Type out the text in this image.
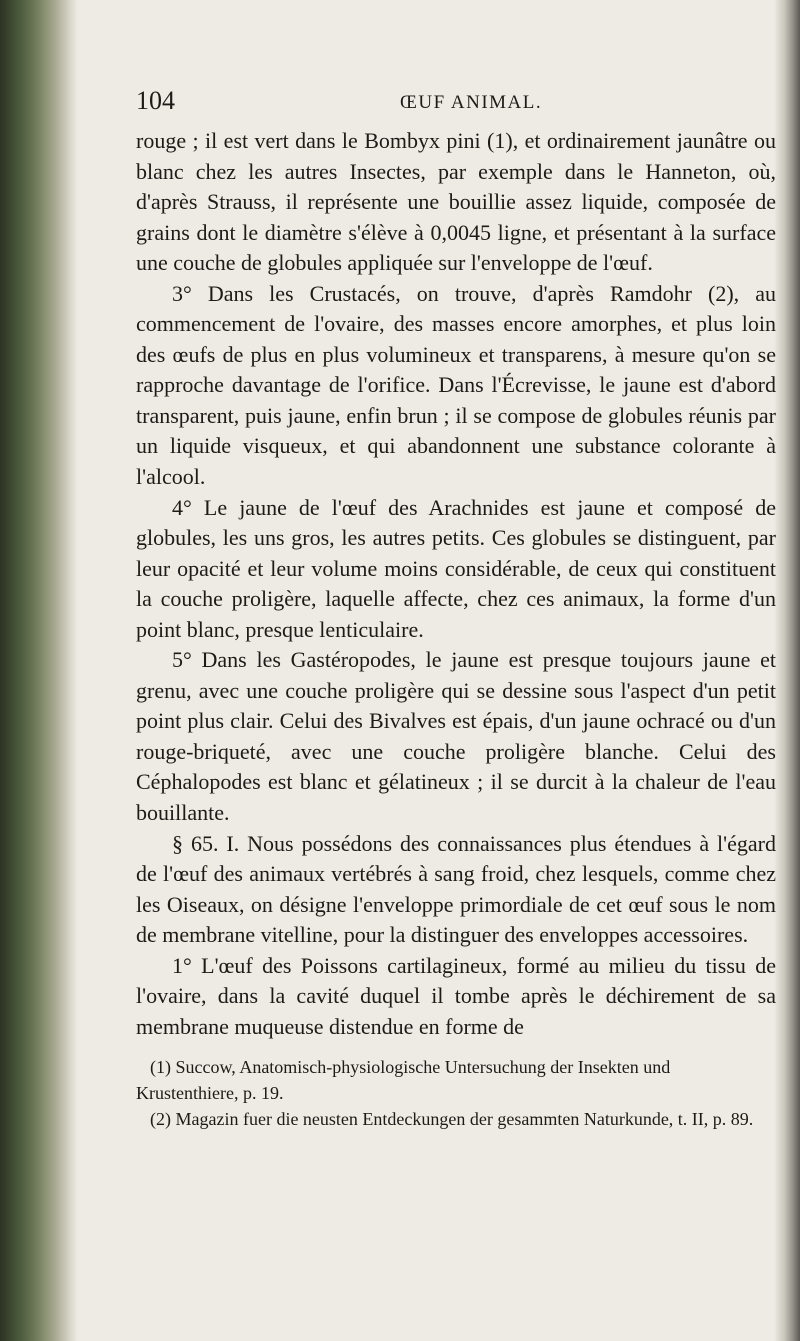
104	ŒUF ANIMAL.

rouge ; il est vert dans le Bombyx pini (1), et ordinairement jaunâtre ou blanc chez les autres Insectes, par exemple dans le Hanneton, où, d'après Strauss, il représente une bouillie assez liquide, composée de grains dont le diamètre s'élève à 0,0045 ligne, et présentant à la surface une couche de globules appliquée sur l'enveloppe de l'œuf.

3° Dans les Crustacés, on trouve, d'après Ramdohr (2), au commencement de l'ovaire, des masses encore amorphes, et plus loin des œufs de plus en plus volumineux et transparens, à mesure qu'on se rapproche davantage de l'orifice. Dans l'Écrevisse, le jaune est d'abord transparent, puis jaune, enfin brun ; il se compose de globules réunis par un liquide visqueux, et qui abandonnent une substance colorante à l'alcool.

4° Le jaune de l'œuf des Arachnides est jaune et composé de globules, les uns gros, les autres petits. Ces globules se distinguent, par leur opacité et leur volume moins considérable, de ceux qui constituent la couche proligère, laquelle affecte, chez ces animaux, la forme d'un point blanc, presque lenticulaire.

5° Dans les Gastéropodes, le jaune est presque toujours jaune et grenu, avec une couche proligère qui se dessine sous l'aspect d'un petit point plus clair. Celui des Bivalves est épais, d'un jaune ochracé ou d'un rouge-briqueté, avec une couche proligère blanche. Celui des Céphalopodes est blanc et gélatineux ; il se durcit à la chaleur de l'eau bouillante.

§ 65. I. Nous possédons des connaissances plus étendues à l'égard de l'œuf des animaux vertébrés à sang froid, chez lesquels, comme chez les Oiseaux, on désigne l'enveloppe primordiale de cet œuf sous le nom de membrane vitelline, pour la distinguer des enveloppes accessoires.

1° L'œuf des Poissons cartilagineux, formé au milieu du tissu de l'ovaire, dans la cavité duquel il tombe après le déchirement de sa membrane muqueuse distendue en forme de

(1) Succow, Anatomisch-physiologische Untersuchung der Insekten und Krustenthiere, p. 19.

(2) Magazin fuer die neusten Entdeckungen der gesammten Naturkunde, t. II, p. 89.
